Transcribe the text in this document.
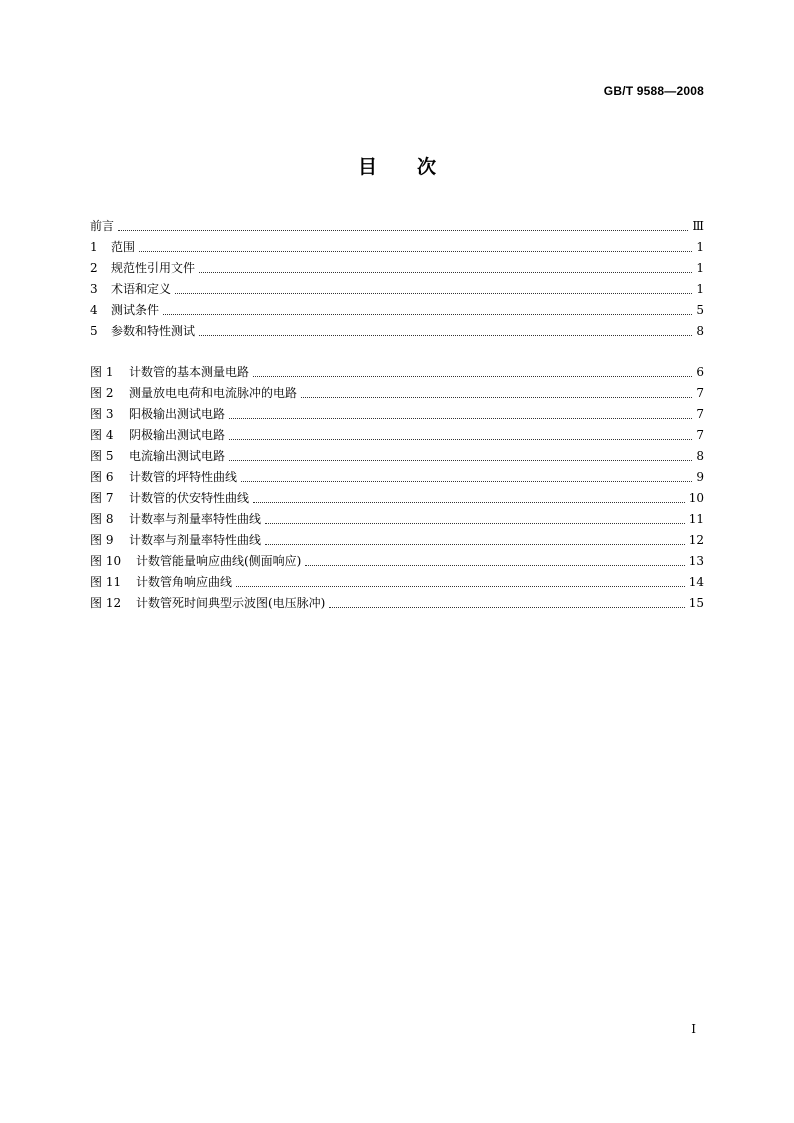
GB/T 9588—2008
目次
前言	Ⅲ
1	范围	1
2	规范性引用文件	1
3	术语和定义	1
4	测试条件	5
5	参数和特性测试	8
图 1	计数管的基本测量电路	6
图 2	测量放电电荷和电流脉冲的电路	7
图 3	阳极输出测试电路	7
图 4	阴极输出测试电路	7
图 5	电流输出测试电路	8
图 6	计数管的坪特性曲线	9
图 7	计数管的伏安特性曲线	10
图 8	计数率与剂量率特性曲线	11
图 9	计数率与剂量率特性曲线	12
图 10	计数管能量响应曲线(侧面响应)	13
图 11	计数管角响应曲线	14
图 12	计数管死时间典型示波图(电压脉冲)	15
Ⅰ
